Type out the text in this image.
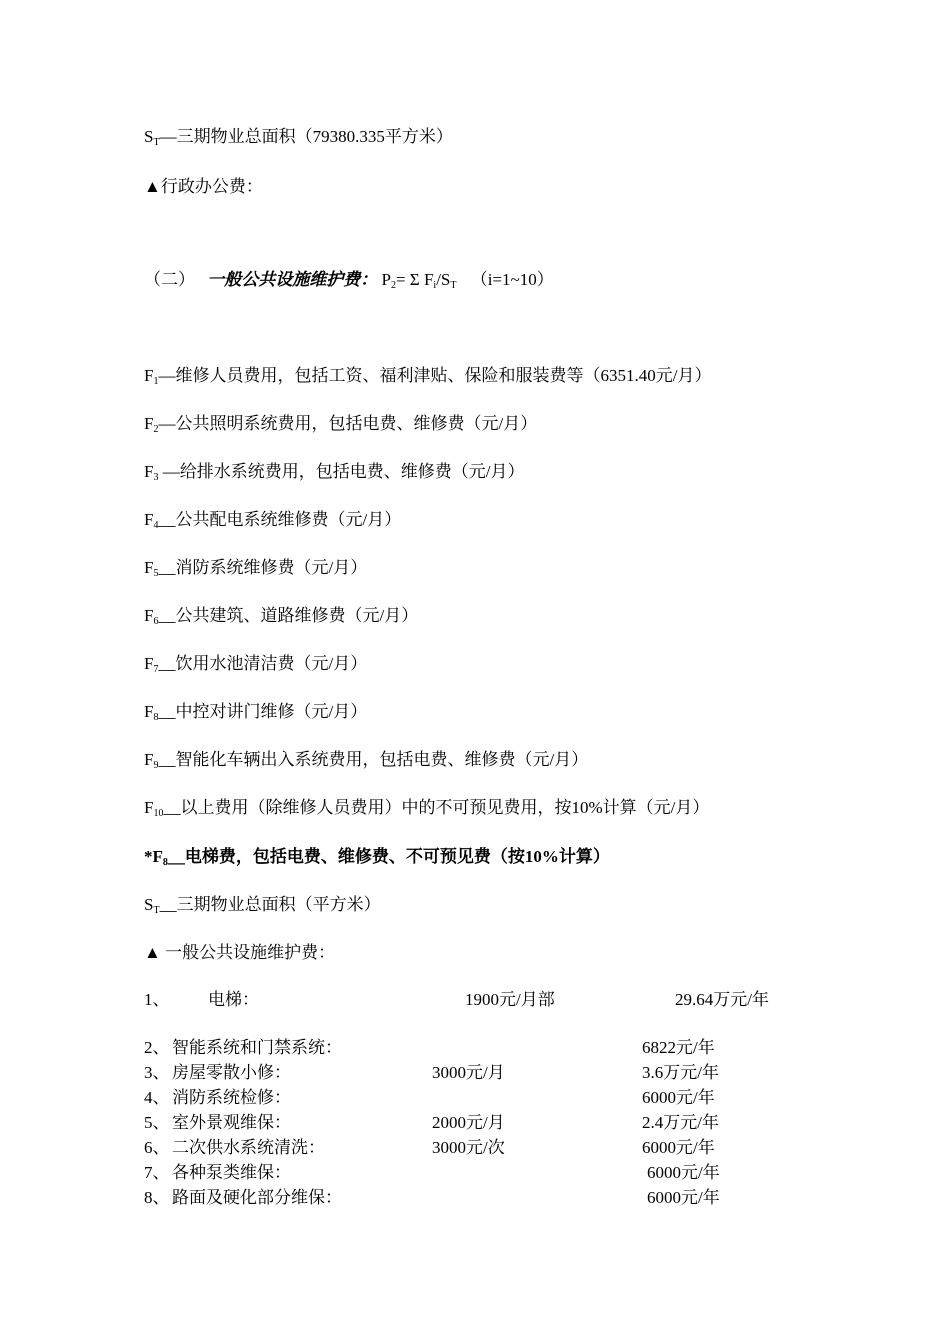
$S_T—$三期物业总面积（79380.335平方米）
▲行政办公费：
（二） 一般公共设施维护费： $P_2= \Sigma$ $F_i/S_T$ （i=1~10）
$F_1—$维修人员费用，包括工资、福利津贴、保险和服装费等（6351.40元/月）
$F_2—$公共照明系统费用，包括电费、维修费（元/月）
$F_3$ —给排水系统费用，包括电费、维修费（元/月）
$F_4\_\_$公共配电系统维修费（元/月）
$F_5\_\_$消防系统维修费（元/月）
$F_6\_\_$公共建筑、道路维修费（元/月）
$F_7\_\_$饮用水池清洁费（元/月）
$F_8\_\_$中控对讲门维修（元/月）
$F_9\_\_$智能化车辆出入系统费用，包括电费、维修费（元/月）
$F_{10}\_\_$以上费用（除维修人员费用）中的不可预见费用，按10%计算（元/月）
$*F_8\_\_$电梯费，包括电费、维修费、不可预见费（按10%计算）
$S_T\_\_$三期物业总面积（平方米）
▲ 一般公共设施维护费：
1、 电梯：	1900元/月部	29.64万元/年
2、 智能系统和门禁系统：	6822元/年
3、 房屋零散小修：	3000元/月	3.6万元/年
4、 消防系统检修：	6000元/年
5、 室外景观维保：	2000元/月	2.4万元/年
6、 二次供水系统清洗：	3000元/次	6000元/年
7、 各种泵类维保：	6000元/年
8、 路面及硬化部分维保：	6000元/年
